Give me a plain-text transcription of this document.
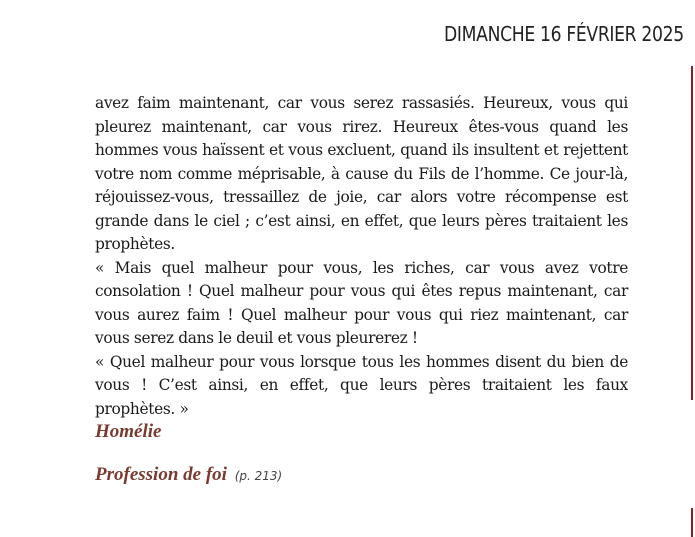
DIMANCHE 16 FÉVRIER 2025

avez faim maintenant, car vous serez rassasiés. Heureux, vous qui pleurez maintenant, car vous rirez. Heureux êtes-vous quand les hommes vous haïssent et vous excluent, quand ils insultent et rejettent votre nom comme méprisable, à cause du Fils de l’homme. Ce jour-là, réjouissez-vous, tressaillez de joie, car alors votre récompense est grande dans le ciel ; c’est ainsi, en effet, que leurs pères traitaient les prophètes.

« Mais quel malheur pour vous, les riches, car vous avez votre consolation ! Quel malheur pour vous qui êtes repus maintenant, car vous aurez faim ! Quel malheur pour vous qui riez maintenant, car vous serez dans le deuil et vous pleurerez !

« Quel malheur pour vous lorsque tous les hommes disent du bien de vous ! C’est ainsi, en effet, que leurs pères traitaient les faux prophètes. »

Homélie
Profession de foi (p. 213)
